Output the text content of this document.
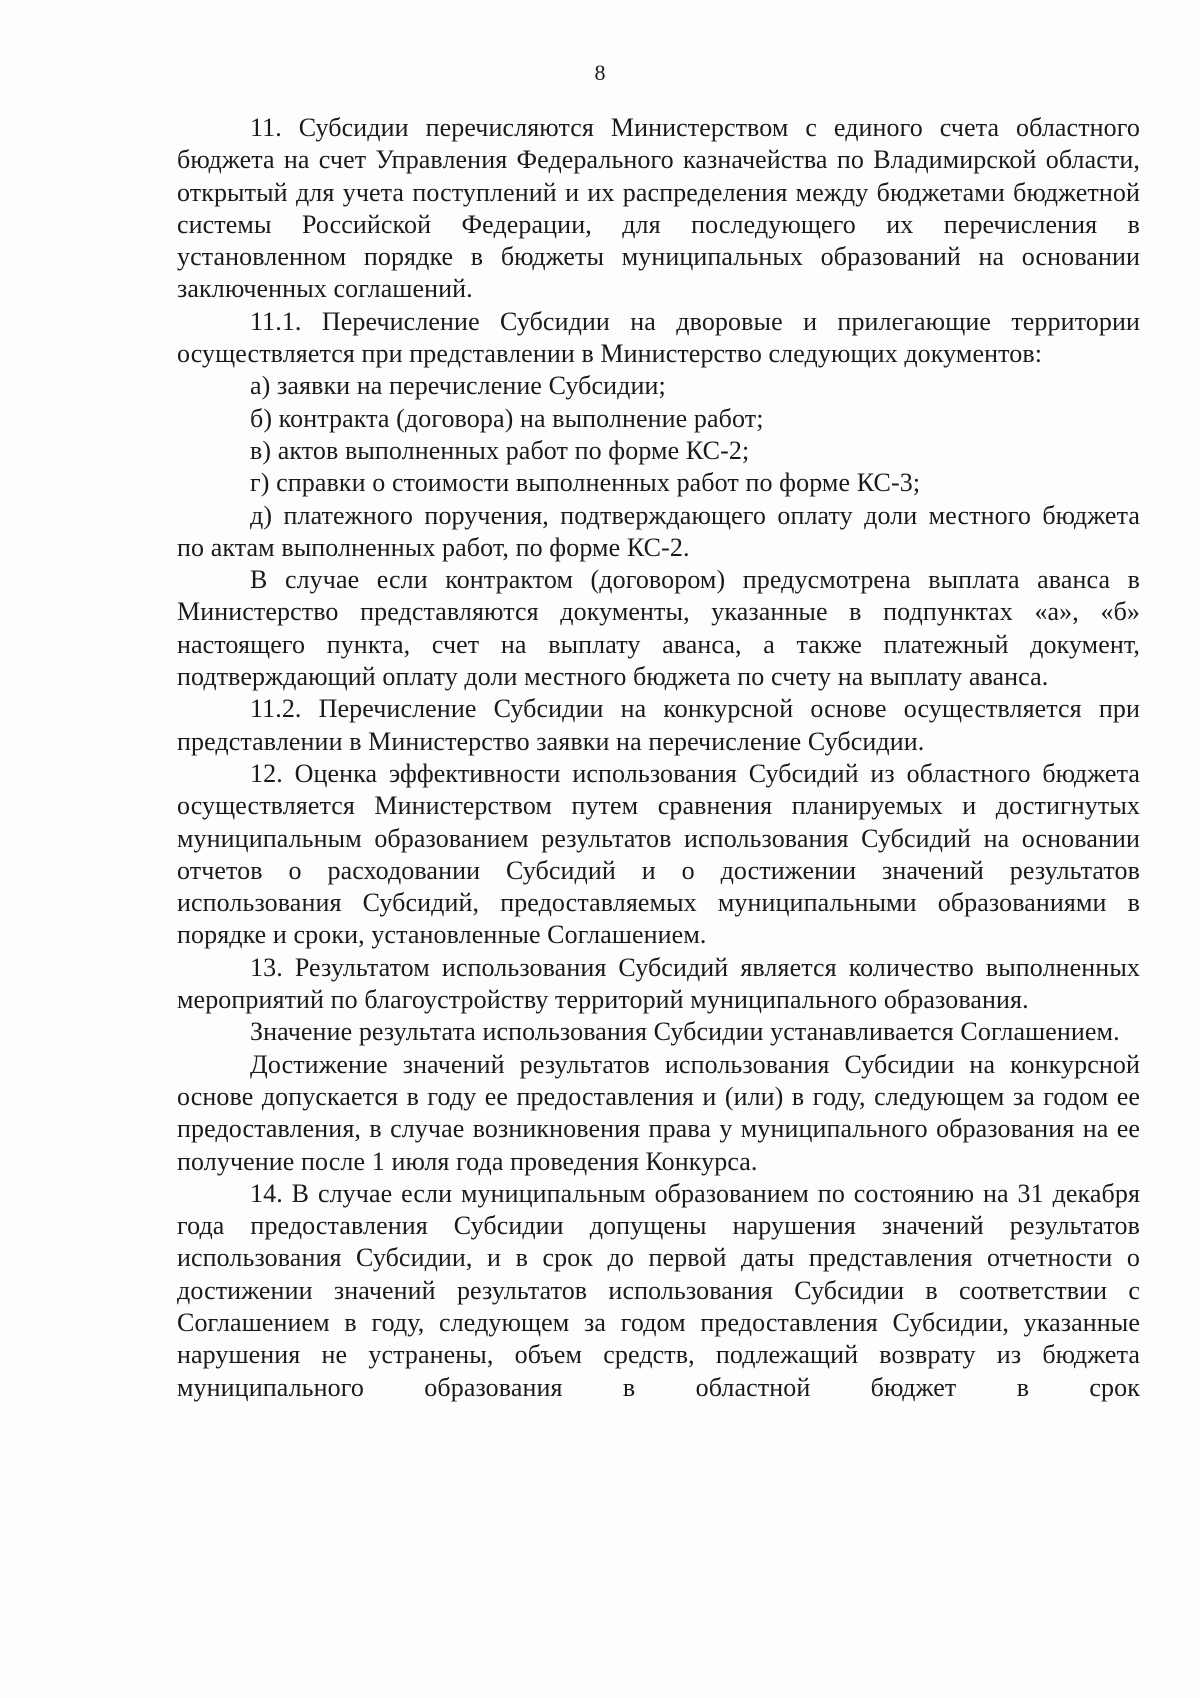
8

11. Субсидии перечисляются Министерством с единого счета областного бюджета на счет Управления Федерального казначейства по Владимирской области, открытый для учета поступлений и их распределения между бюджетами бюджетной системы Российской Федерации, для последующего их перечисления в установленном порядке в бюджеты муниципальных образований на основании заключенных соглашений.

11.1. Перечисление Субсидии на дворовые и прилегающие территории осуществляется при представлении в Министерство следующих документов:

а) заявки на перечисление Субсидии;

б) контракта (договора) на выполнение работ;

в) актов выполненных работ по форме КС-2;

г) справки о стоимости выполненных работ по форме КС-3;

д) платежного поручения, подтверждающего оплату доли местного бюджета по актам выполненных работ, по форме КС-2.

В случае если контрактом (договором) предусмотрена выплата аванса в Министерство представляются документы, указанные в подпунктах «а», «б» настоящего пункта, счет на выплату аванса, а также платежный документ, подтверждающий оплату доли местного бюджета по счету на выплату аванса.

11.2. Перечисление Субсидии на конкурсной основе осуществляется при представлении в Министерство заявки на перечисление Субсидии.

12. Оценка эффективности использования Субсидий из областного бюджета осуществляется Министерством путем сравнения планируемых и достигнутых муниципальным образованием результатов использования Субсидий на основании отчетов о расходовании Субсидий и о достижении значений результатов использования Субсидий, предоставляемых муниципальными образованиями в порядке и сроки, установленные Соглашением.

13. Результатом использования Субсидий является количество выполненных мероприятий по благоустройству территорий муниципального образования.

Значение результата использования Субсидии устанавливается Соглашением.

Достижение значений результатов использования Субсидии на конкурсной основе допускается в году ее предоставления и (или) в году, следующем за годом ее предоставления, в случае возникновения права у муниципального образования на ее получение после 1 июля года проведения Конкурса.

14. В случае если муниципальным образованием по состоянию на 31 декабря года предоставления Субсидии допущены нарушения значений результатов использования Субсидии, и в срок до первой даты представления отчетности о достижении значений результатов использования Субсидии в соответствии с Соглашением в году, следующем за годом предоставления Субсидии, указанные нарушения не устранены, объем средств, подлежащий возврату из бюджета муниципального образования в областной бюджет в срок
